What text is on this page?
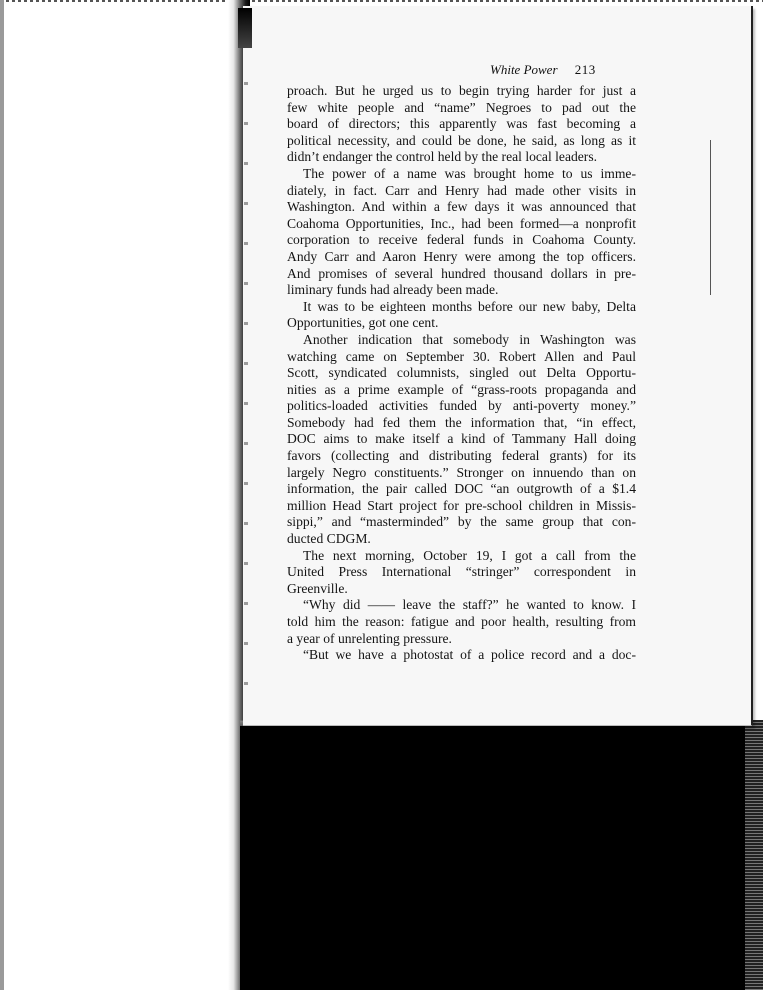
White Power 213
proach. But he urged us to begin trying harder for just a
few white people and “name” Negroes to pad out the
board of directors; this apparently was fast becoming a
political necessity, and could be done, he said, as long as it
didn’t endanger the control held by the real local leaders.
The power of a name was brought home to us imme-
diately, in fact. Carr and Henry had made other visits in
Washington. And within a few days it was announced that
Coahoma Opportunities, Inc., had been formed—a nonprofit
corporation to receive federal funds in Coahoma County.
Andy Carr and Aaron Henry were among the top officers.
And promises of several hundred thousand dollars in pre-
liminary funds had already been made.
It was to be eighteen months before our new baby, Delta
Opportunities, got one cent.
Another indication that somebody in Washington was
watching came on September 30. Robert Allen and Paul
Scott, syndicated columnists, singled out Delta Opportu-
nities as a prime example of “grass-roots propaganda and
politics-loaded activities funded by anti-poverty money.”
Somebody had fed them the information that, “in effect,
DOC aims to make itself a kind of Tammany Hall doing
favors (collecting and distributing federal grants) for its
largely Negro constituents.” Stronger on innuendo than on
information, the pair called DOC “an outgrowth of a $1.4
million Head Start project for pre-school children in Missis-
sippi,” and “masterminded” by the same group that con-
ducted CDGM.
The next morning, October 19, I got a call from the
United Press International “stringer” correspondent in
Greenville.
“Why did —— leave the staff?” he wanted to know. I
told him the reason: fatigue and poor health, resulting from
a year of unrelenting pressure.
“But we have a photostat of a police record and a doc-
